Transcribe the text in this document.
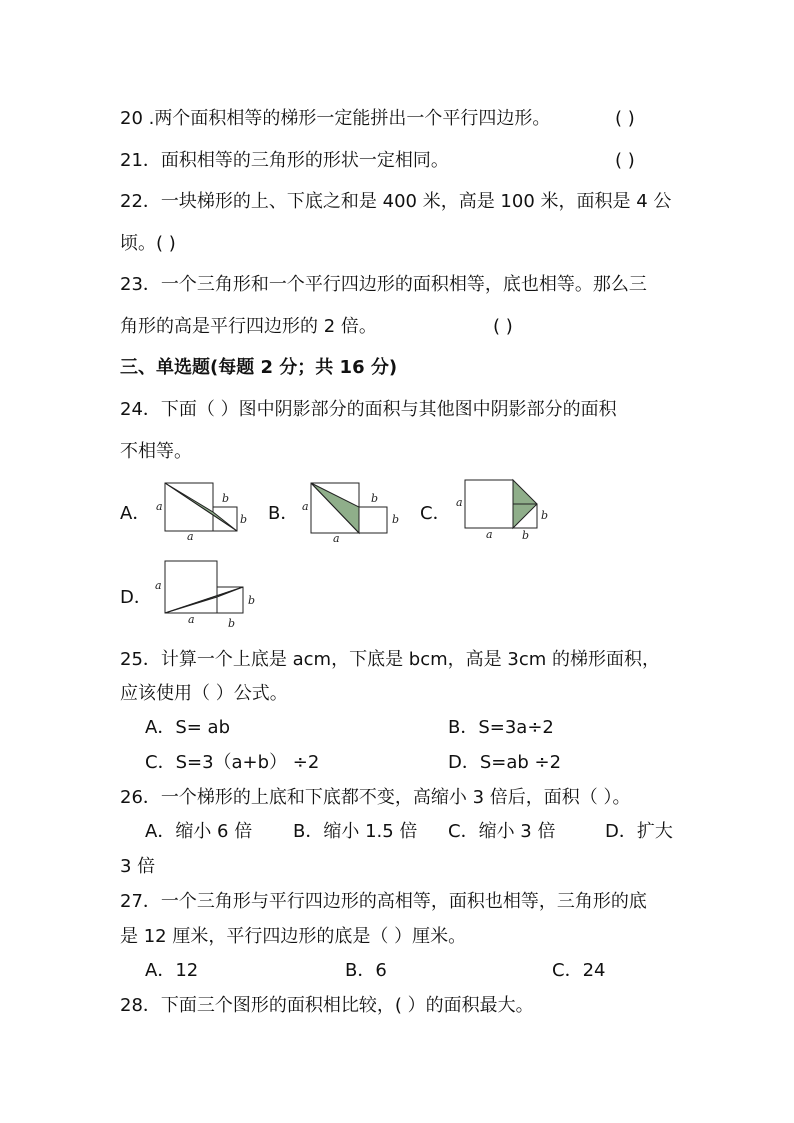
20 .两个面积相等的梯形一定能拼出一个平行四边形。	( )
21．面积相等的三角形的形状一定相同。	( )
22．一块梯形的上、下底之和是 400 米，高是 100 米，面积是 4 公
顷。( )
23．一个三角形和一个平行四边形的面积相等，底也相等。那么三
角形的高是平行四边形的 2 倍。	( )
三、单选题(每题 2 分；共 16 分)
24．下面（ ）图中阴影部分的面积与其他图中阴影部分的面积
不相等。
A． a
a
b
b B． a
a
b
b C．
a
a	b
b
D．
a
a	b
b
25．计算一个上底是 acm，下底是 bcm，高是 3cm 的梯形面积，
应该使用（ ）公式。
A．S= ab	B．S=3a÷2
C．S=3（a+b） ÷2	D．S=ab ÷2
26．一个梯形的上底和下底都不变，高缩小 3 倍后，面积（ ）。
A．缩小 6 倍 B．缩小 1.5 倍 C．缩小 3 倍	D．扩大
3 倍
27．一个三角形与平行四边形的高相等，面积也相等，三角形的底
是 12 厘米，平行四边形的底是（ ）厘米。
A．12	B．6	C．24
28．下面三个图形的面积相比较，( ）的面积最大。
